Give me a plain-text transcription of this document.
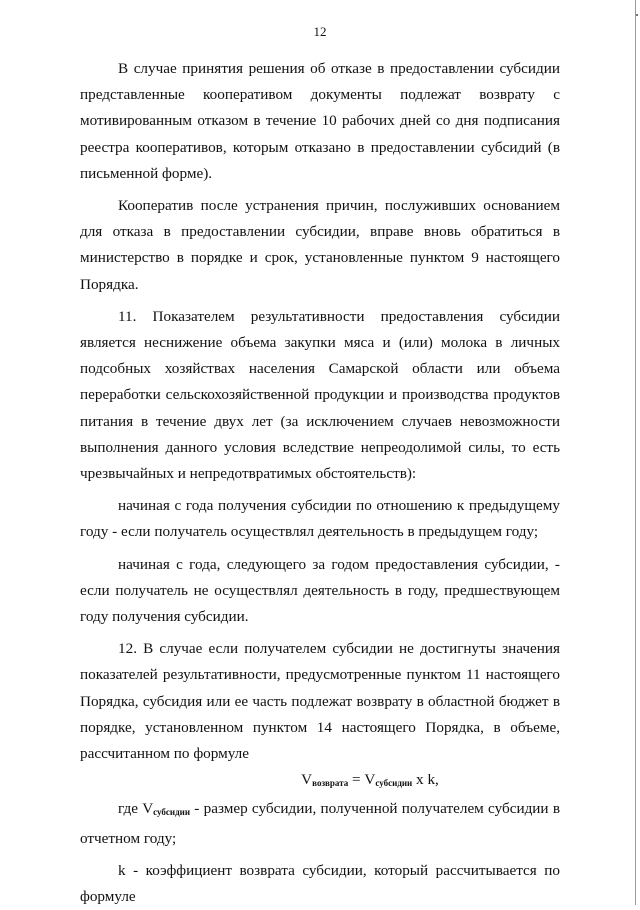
12

В случае принятия решения об отказе в предоставлении субсидии представленные кооперативом документы подлежат возврату с мотивированным отказом в течение 10 рабочих дней со дня подписания реестра кооперативов, которым отказано в предоставлении субсидий (в письменной форме).

Кооператив после устранения причин, послуживших основанием для отказа в предоставлении субсидии, вправе вновь обратиться в министерство в порядке и срок, установленные пунктом 9 настоящего Порядка.

11. Показателем результативности предоставления субсидии является неснижение объема закупки мяса и (или) молока в личных подсобных хозяйствах населения Самарской области или объема переработки сельскохозяйственной продукции и производства продуктов питания в течение двух лет (за исключением случаев невозможности выполнения данного условия вследствие непреодолимой силы, то есть чрезвычайных и непредотвратимых обстоятельств):

начиная с года получения субсидии по отношению к предыдущему году - если получатель осуществлял деятельность в предыдущем году;

начиная с года, следующего за годом предоставления субсидии, - если получатель не осуществлял деятельность в году, предшествующем году получения субсидии.

12. В случае если получателем субсидии не достигнуты значения показателей результативности, предусмотренные пунктом 11 настоящего Порядка, субсидия или ее часть подлежат возврату в областной бюджет в порядке, установленном пунктом 14 настоящего Порядка, в объеме, рассчитанном по формуле

$V_{возврата} = V_{субсидии}$ x k,

где $V_{субсидии}$ - размер субсидии, полученной получателем субсидии в отчетном году;

k - коэффициент возврата субсидии, который рассчитывается по формуле
